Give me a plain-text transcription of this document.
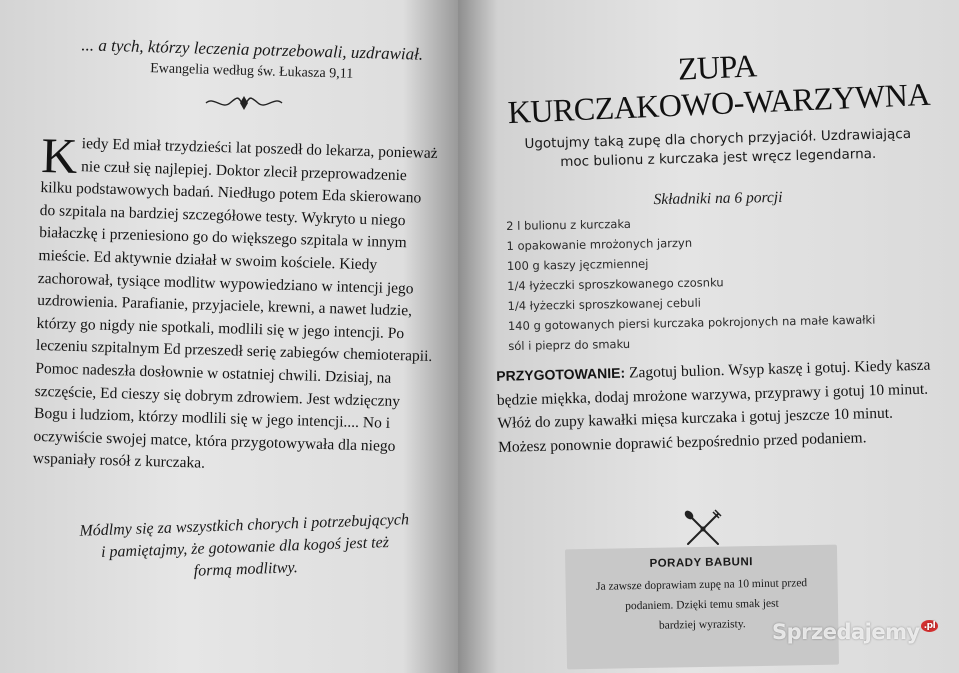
... a tych, którzy leczenia potrzebowali, uzdrawiał.
Ewangelia według św. Łukasza 9,11

Kiedy Ed miał trzydzieści lat poszedł do lekarza, ponieważ nie czuł się najlepiej. Doktor zlecił przeprowadzenie kilku podstawowych badań. Niedługo potem Eda skierowano do szpitala na bardziej szczegółowe testy. Wykryto u niego białaczkę i przeniesiono go do większego szpitala w innym mieście. Ed aktywnie działał w swoim kościele. Kiedy zachorował, tysiące modlitw wypowiedziano w intencji jego uzdrowienia. Parafianie, przyjaciele, krewni, a nawet ludzie, którzy go nigdy nie spotkali, modlili się w jego intencji. Po leczeniu szpitalnym Ed przeszedł serię zabiegów chemioterapii. Pomoc nadeszła dosłownie w ostatniej chwili. Dzisiaj, na szczęście, Ed cieszy się dobrym zdrowiem. Jest wdzięczny Bogu i ludziom, którzy modlili się w jego intencji.... No i oczywiście swojej matce, która przygotowywała dla niego wspaniały rosół z kurczaka.

Módlmy się za wszystkich chorych i potrzebujących
i pamiętajmy, że gotowanie dla kogoś jest też
formą modlitwy.
ZUPA
KURCZAKOWO-WARZYWNA
Ugotujmy taką zupę dla chorych przyjaciół. Uzdrawiająca
moc bulionu z kurczaka jest wręcz legendarna.
Składniki na 6 porcji
2 l bulionu z kurczaka
1 opakowanie mrożonych jarzyn
100 g kaszy jęczmiennej
1/4 łyżeczki sproszkowanego czosnku
1/4 łyżeczki sproszkowanej cebuli
140 g gotowanych piersi kurczaka pokrojonych na małe kawałki
sól i pieprz do smaku
PRZYGOTOWANIE: Zagotuj bulion. Wsyp kaszę i gotuj. Kiedy kasza będzie miękka, dodaj mrożone warzywa, przyprawy i gotuj 10 minut. Włóż do zupy kawałki mięsa kurczaka i gotuj jeszcze 10 minut. Możesz ponownie doprawić bezpośrednio przed podaniem.
PORADY BABUNI
Ja zawsze doprawiam zupę na 10 minut przed
podaniem. Dzięki temu smak jest
bardziej wyrazisty.	Sprzedajemy .pl
